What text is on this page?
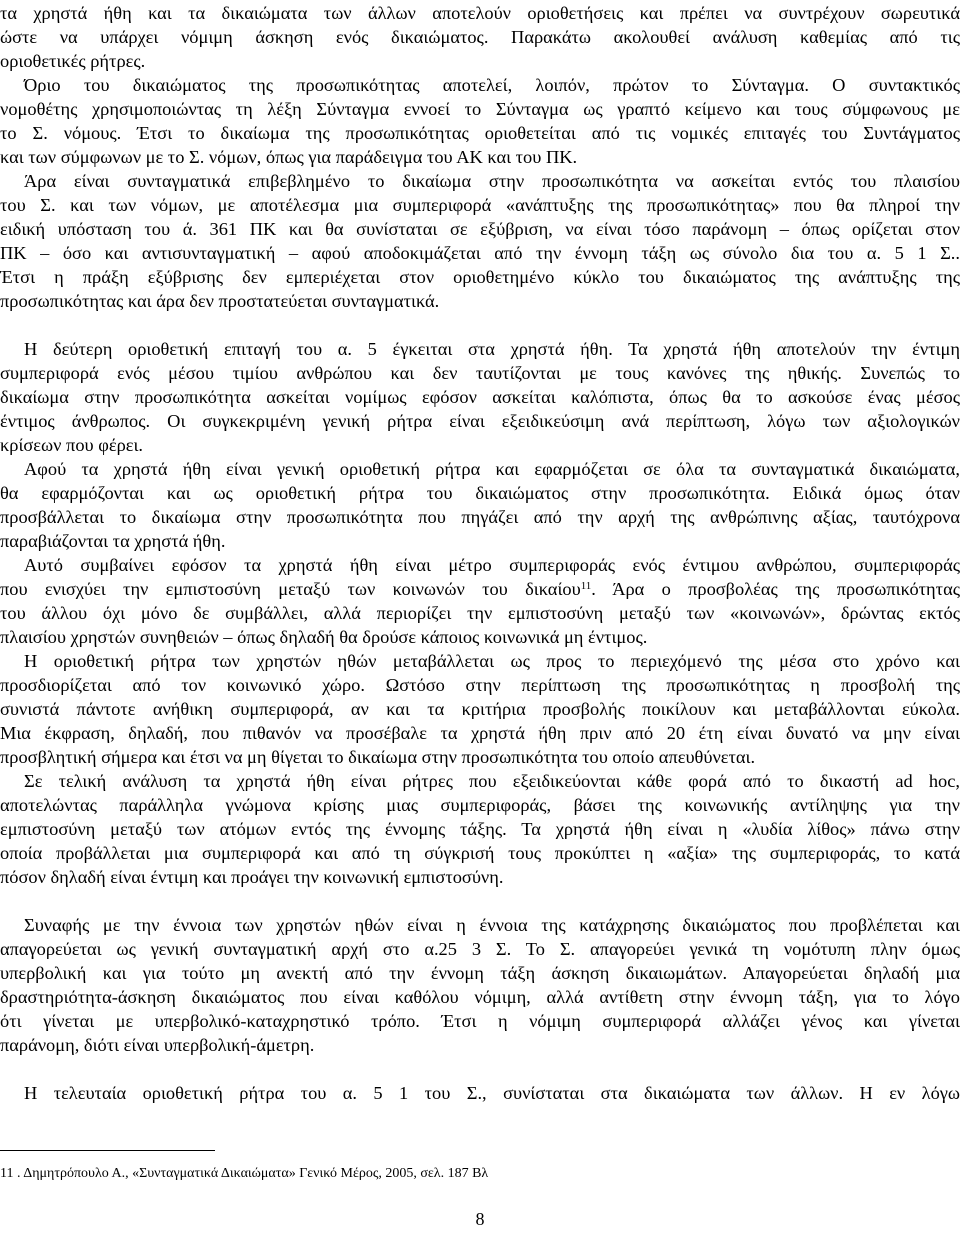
τα χρηστά ήθη και τα δικαιώματα των άλλων αποτελούν οριοθετήσεις και πρέπει να συντρέχουν σωρευτικά
ώστε να υπάρχει νόμιμη άσκηση ενός δικαιώματος. Παρακάτω ακολουθεί ανάλυση καθεμίας από τις
οριοθετικές ρήτρες.
Όριο του δικαιώματος της προσωπικότητας αποτελεί, λοιπόν, πρώτον το Σύνταγμα. Ο συντακτικός
νομοθέτης χρησιμοποιώντας τη λέξη Σύνταγμα εννοεί το Σύνταγμα ως γραπτό κείμενο και τους σύμφωνους με
το Σ. νόμους. Έτσι το δικαίωμα της προσωπικότητας οριοθετείται από τις νομικές επιταγές του Συντάγματος
και των σύμφωνων με το Σ. νόμων, όπως για παράδειγμα του ΑΚ και του ΠΚ.
Άρα είναι συνταγματικά επιβεβλημένο το δικαίωμα στην προσωπικότητα να ασκείται εντός του πλαισίου
του Σ. και των νόμων, με αποτέλεσμα μια συμπεριφορά «ανάπτυξης της προσωπικότητας» που θα πληροί την
ειδική υπόσταση του ά. 361 ΠΚ και θα συνίσταται σε εξύβριση, να είναι τόσο παράνομη – όπως ορίζεται στον
ΠΚ – όσο και αντισυνταγματική – αφού αποδοκιμάζεται από την έννομη τάξη ως σύνολο δια του α. 5 1 Σ..
Έτσι η πράξη εξύβρισης δεν εμπεριέχεται στον οριοθετημένο κύκλο του δικαιώματος της ανάπτυξης της
προσωπικότητας και άρα δεν προστατεύεται συνταγματικά.
Η δεύτερη οριοθετική επιταγή του α. 5 έγκειται στα χρηστά ήθη. Τα χρηστά ήθη αποτελούν την έντιμη
συμπεριφορά ενός μέσου τιμίου ανθρώπου και δεν ταυτίζονται με τους κανόνες της ηθικής. Συνεπώς το
δικαίωμα στην προσωπικότητα ασκείται νομίμως εφόσον ασκείται καλόπιστα, όπως θα το ασκούσε ένας μέσος
έντιμος άνθρωπος. Οι συγκεκριμένη γενική ρήτρα είναι εξειδικεύσιμη ανά περίπτωση, λόγω των αξιολογικών
κρίσεων που φέρει.
Αφού τα χρηστά ήθη είναι γενική οριοθετική ρήτρα και εφαρμόζεται σε όλα τα συνταγματικά δικαιώματα,
θα εφαρμόζονται και ως οριοθετική ρήτρα του δικαιώματος στην προσωπικότητα. Ειδικά όμως όταν
προσβάλλεται το δικαίωμα στην προσωπικότητα που πηγάζει από την αρχή της ανθρώπινης αξίας, ταυτόχρονα
παραβιάζονται τα χρηστά ήθη.
Αυτό συμβαίνει εφόσον τα χρηστά ήθη είναι μέτρο συμπεριφοράς ενός έντιμου ανθρώπου, συμπεριφοράς
που ενισχύει την εμπιστοσύνη μεταξύ των κοινωνών του δικαίου$^{11}$. Άρα ο προσβολέας της προσωπικότητας
του άλλου όχι μόνο δε συμβάλλει, αλλά περιορίζει την εμπιστοσύνη μεταξύ των «κοινωνών», δρώντας εκτός
πλαισίου χρηστών συνηθειών – όπως δηλαδή θα δρούσε κάποιος κοινωνικά μη έντιμος.
Η οριοθετική ρήτρα των χρηστών ηθών μεταβάλλεται ως προς το περιεχόμενό της μέσα στο χρόνο και
προσδιορίζεται από τον κοινωνικό χώρο. Ωστόσο στην περίπτωση της προσωπικότητας η προσβολή της
συνιστά πάντοτε ανήθικη συμπεριφορά, αν και τα κριτήρια προσβολής ποικίλουν και μεταβάλλονται εύκολα.
Μια έκφραση, δηλαδή, που πιθανόν να προσέβαλε τα χρηστά ήθη πριν από 20 έτη είναι δυνατό να μην είναι
προσβλητική σήμερα και έτσι να μη θίγεται το δικαίωμα στην προσωπικότητα του οποίο απευθύνεται.
Σε τελική ανάλυση τα χρηστά ήθη είναι ρήτρες που εξειδικεύονται κάθε φορά από το δικαστή ad hoc,
αποτελώντας παράλληλα γνώμονα κρίσης μιας συμπεριφοράς, βάσει της κοινωνικής αντίληψης για την
εμπιστοσύνη μεταξύ των ατόμων εντός της έννομης τάξης. Τα χρηστά ήθη είναι η «λυδία λίθος» πάνω στην
οποία προβάλλεται μια συμπεριφορά και από τη σύγκρισή τους προκύπτει η «αξία» της συμπεριφοράς, το κατά
πόσον δηλαδή είναι έντιμη και προάγει την κοινωνική εμπιστοσύνη.
Συναφής με την έννοια των χρηστών ηθών είναι η έννοια της κατάχρησης δικαιώματος που προβλέπεται και
απαγορεύεται ως γενική συνταγματική αρχή στο α.25 3 Σ. Το Σ. απαγορεύει γενικά τη νομότυπη πλην όμως
υπερβολική και για τούτο μη ανεκτή από την έννομη τάξη άσκηση δικαιωμάτων. Απαγορεύεται δηλαδή μια
δραστηριότητα-άσκηση δικαιώματος που είναι καθόλου νόμιμη, αλλά αντίθετη στην έννομη τάξη, για το λόγο
ότι γίνεται με υπερβολικό-καταχρηστικό τρόπο. Έτσι η νόμιμη συμπεριφορά αλλάζει γένος και γίνεται
παράνομη, διότι είναι υπερβολική-άμετρη.
Η τελευταία οριοθετική ρήτρα του α. 5 1 του Σ., συνίσταται στα δικαιώματα των άλλων. Η εν λόγω
11 . Δημητρόπουλο Α., «Συνταγματικά Δικαιώματα» Γενικό Μέρος, 2005, σελ. 187 Βλ
8
